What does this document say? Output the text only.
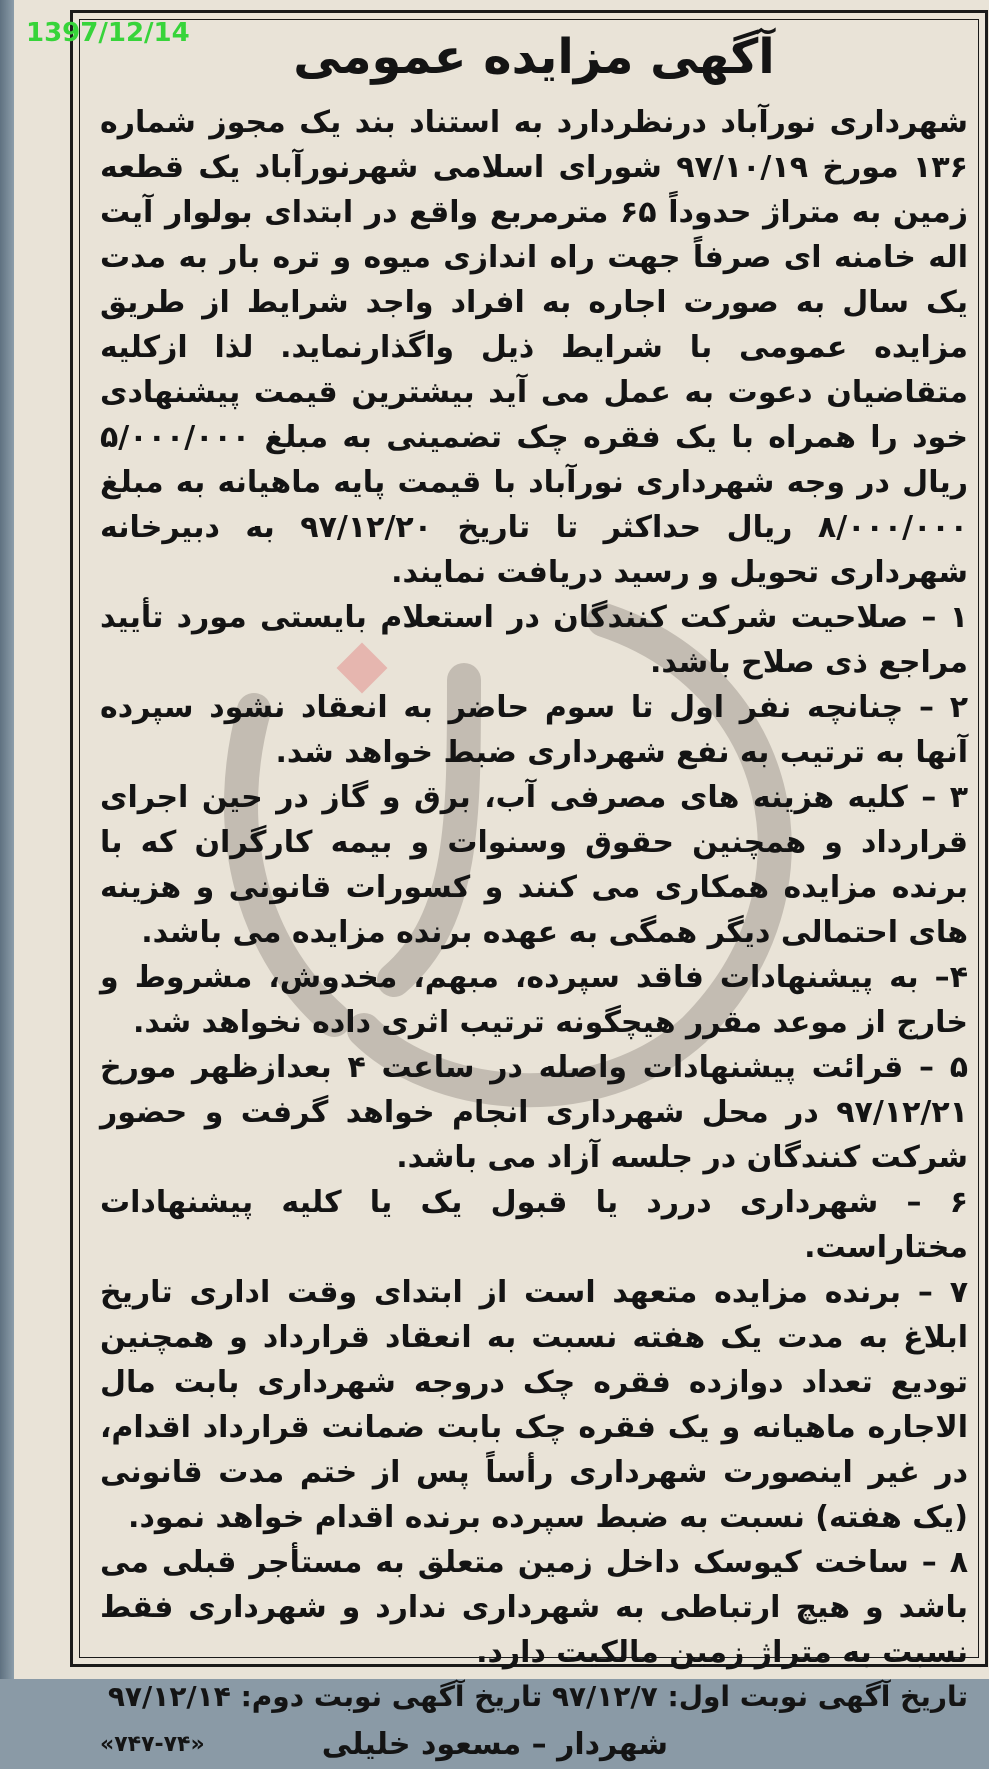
1397/12/14	آگهی مزایده عمومی

شهرداری نورآباد درنظردارد به استناد بند یک مجوز شماره ۱۳۶ مورخ ۹۷/۱۰/۱۹ شورای اسلامی شهرنورآباد یک قطعه زمین به متراژ حدوداً ۶۵ مترمربع واقع در ابتدای بولوار آیت اله خامنه ای صرفاً جهت راه اندازی میوه و تره بار به مدت یک سال به صورت اجاره به افراد واجد شرایط از طریق مزایده عمومی با شرایط ذیل واگذارنماید. لذا ازکلیه متقاضیان دعوت به عمل می آید بیشترین قیمت پیشنهادی خود را همراه با یک فقره چک تضمینی به مبلغ ۵/۰۰۰/۰۰۰ ریال در وجه شهرداری نورآباد با قیمت پایه ماهیانه به مبلغ ۸/۰۰۰/۰۰۰ ریال حداکثر تا تاریخ ۹۷/۱۲/۲۰ به دبیرخانه شهرداری تحویل و رسید دریافت نمایند.

۱ – صلاحیت شرکت کنندگان در استعلام بایستی مورد تأیید مراجع ذی صلاح باشد.

۲ – چنانچه نفر اول تا سوم حاضر به انعقاد نشود سپرده آنها به ترتیب به نفع شهرداری ضبط خواهد شد.

۳ – کلیه هزینه های مصرفی آب، برق و گاز در حین اجرای قرارداد و همچنین حقوق وسنوات و بیمه کارگران که با برنده مزایده همکاری می کنند و کسورات قانونی و هزینه های احتمالی دیگر همگی به عهده برنده مزایده می باشد.

۴– به پیشنهادات فاقد سپرده، مبهم، مخدوش، مشروط و خارج از موعد مقرر هیچگونه ترتیب اثری داده نخواهد شد.

۵ – قرائت پیشنهادات واصله در ساعت ۴ بعدازظهر مورخ ۹۷/۱۲/۲۱ در محل شهرداری انجام خواهد گرفت و حضور شرکت کنندگان در جلسه آزاد می باشد.

۶ – شهرداری دررد یا قبول یک یا کلیه پیشنهادات مختاراست.

۷ – برنده مزایده متعهد است از ابتدای وقت اداری تاریخ ابلاغ به مدت یک هفته نسبت به انعقاد قرارداد و همچنین توديع تعداد دوازده فقره چک دروجه شهرداری بابت مال الاجاره ماهیانه و یک فقره چک بابت ضمانت قرارداد اقدام، در غیر اینصورت شهرداری رأساً پس از ختم مدت قانونی (یک هفته) نسبت به ضبط سپرده برنده اقدام خواهد نمود.

۸ – ساخت کیوسک داخل زمین متعلق به مستأجر قبلی می باشد و هیچ ارتباطی به شهرداری ندارد و شهرداری فقط نسبت به متراژ زمین مالکیت دارد.

تاریخ آگهی نوبت اول: ۹۷/۱۲/۷ تاریخ آگهی نوبت دوم: ۹۷/۱۲/۱۴

شهردار – مسعود خلیلی
«۷۴۷-۷۴»
